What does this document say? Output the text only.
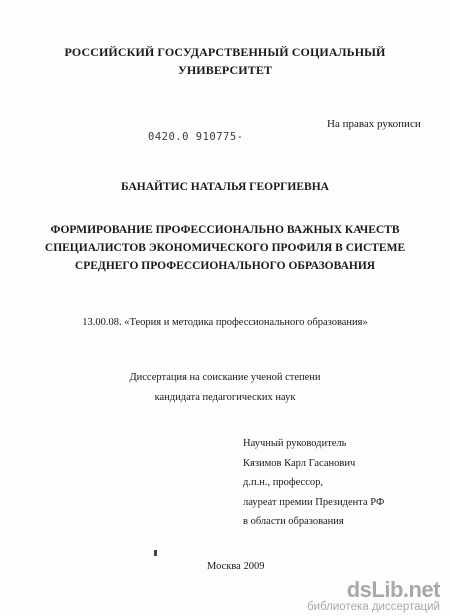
РОССИЙСКИЙ ГОСУДАРСТВЕННЫЙ СОЦИАЛЬНЫЙ
УНИВЕРСИТЕТ
На правах рукописи
0420.0 910775-
БАНАЙТИС НАТАЛЬЯ ГЕОРГИЕВНА
ФОРМИРОВАНИЕ ПРОФЕССИОНАЛЬНО ВАЖНЫХ КАЧЕСТВ
СПЕЦИАЛИСТОВ ЭКОНОМИЧЕСКОГО ПРОФИЛЯ В СИСТЕМЕ
СРЕДНЕГО ПРОФЕССИОНАЛЬНОГО ОБРАЗОВАНИЯ
13.00.08. «Теория и методика профессионального образования»
Диссертация на соискание ученой степени
кандидата педагогических наук
Научный руководитель
Кязимов Карл Гасанович
д.п.н., профессор,
лауреат премии Президента РФ
в области образования
Москва 2009
dsLib.net
библиотека диссертаций
